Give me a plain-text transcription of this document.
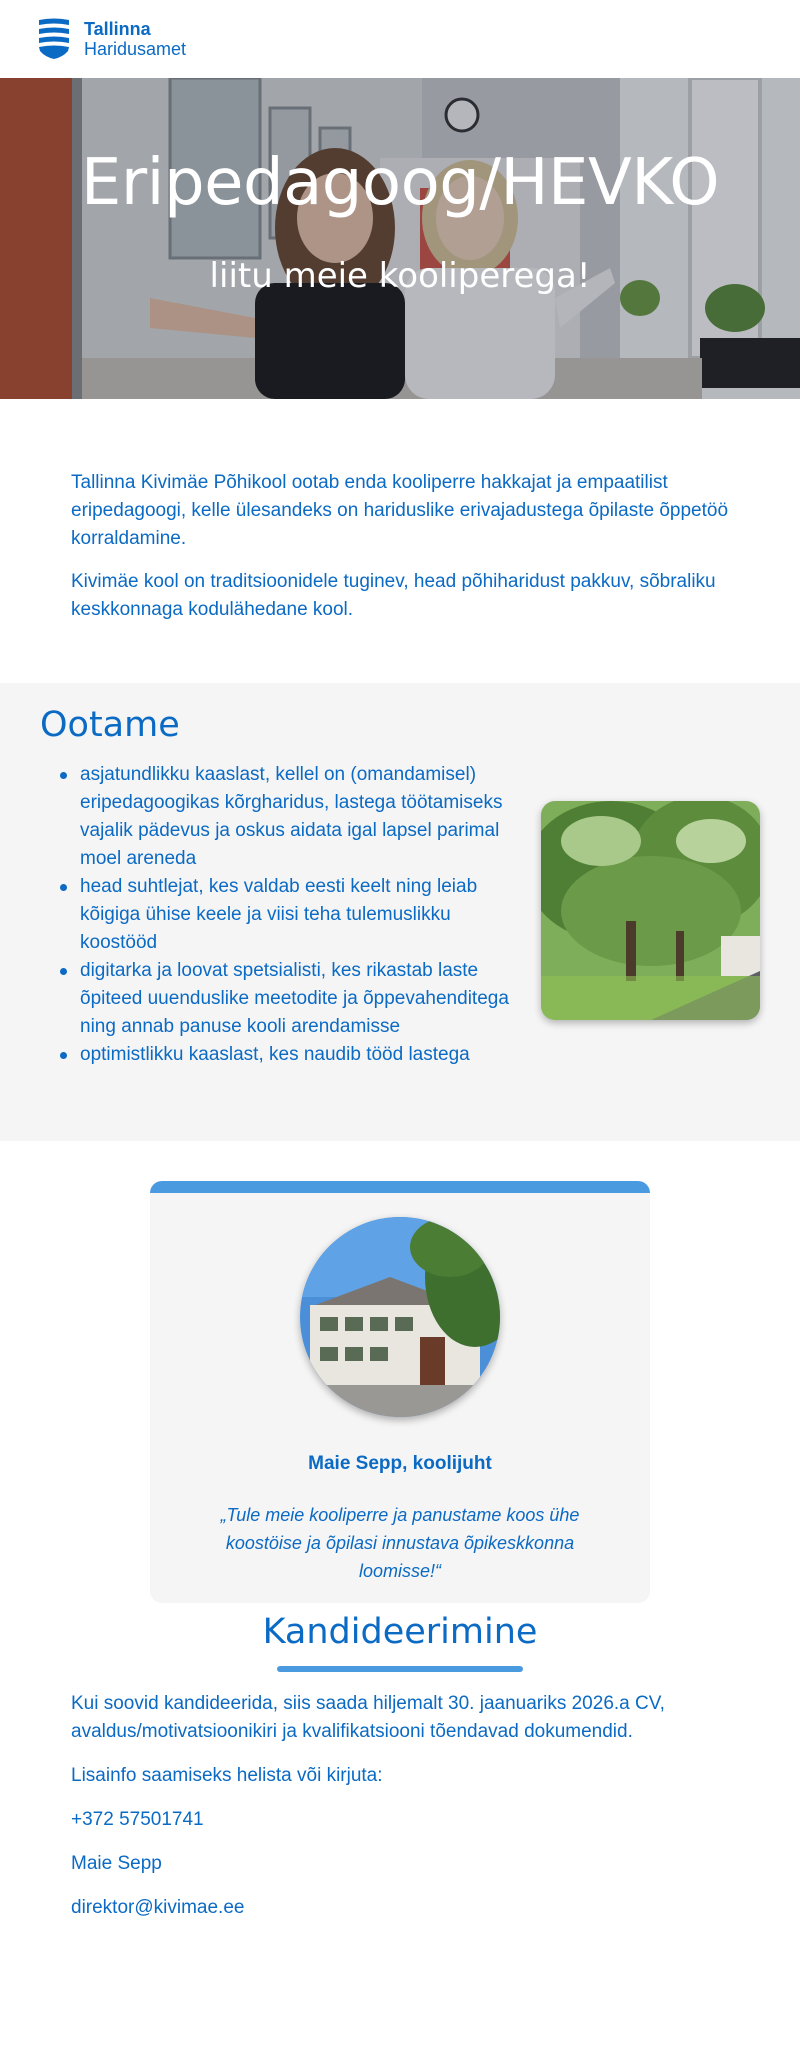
Tallinna
Haridusamet
Eripedagoog/HEVKO

liitu meie kooliperega!

Tallinna Kivimäe Põhikool ootab enda kooliperre hakkajat ja empaatilist eripedagoogi, kelle ülesandeks on hariduslike erivajadustega õpilaste õppetöö korraldamine.

Kivimäe kool on traditsioonidele tuginev, head põhiharidust pakkuv, sõbraliku keskkonnaga kodulähedane kool.

Ootame
asjatundlikku kaaslast, kellel on (omandamisel) eripedagoogikas kõrgharidus, lastega töötamiseks vajalik pädevus ja oskus aidata igal lapsel parimal moel areneda
head suhtlejat, kes valdab eesti keelt ning leiab kõigiga ühise keele ja viisi teha tulemuslikku koostööd
digitarka ja loovat spetsialisti, kes rikastab laste õpiteed uuenduslike meetodite ja õppevahenditega ning annab panuse kooli arendamisse
optimistlikku kaaslast, kes naudib tööd lastega

Maie Sepp, koolijuht

„Tule meie kooliperre ja panustame koos ühe koostöise ja õpilasi innustava õpikeskkonna loomisse!“

Kandideerimine

Kui soovid kandideerida, siis saada hiljemalt 30. jaanuariks 2026.a CV, avaldus/motivatsioonikiri ja kvalifikatsiooni tõendavad dokumendid.

Lisainfo saamiseks helista või kirjuta:

+372 57501741

Maie Sepp

direktor@kivimae.ee
